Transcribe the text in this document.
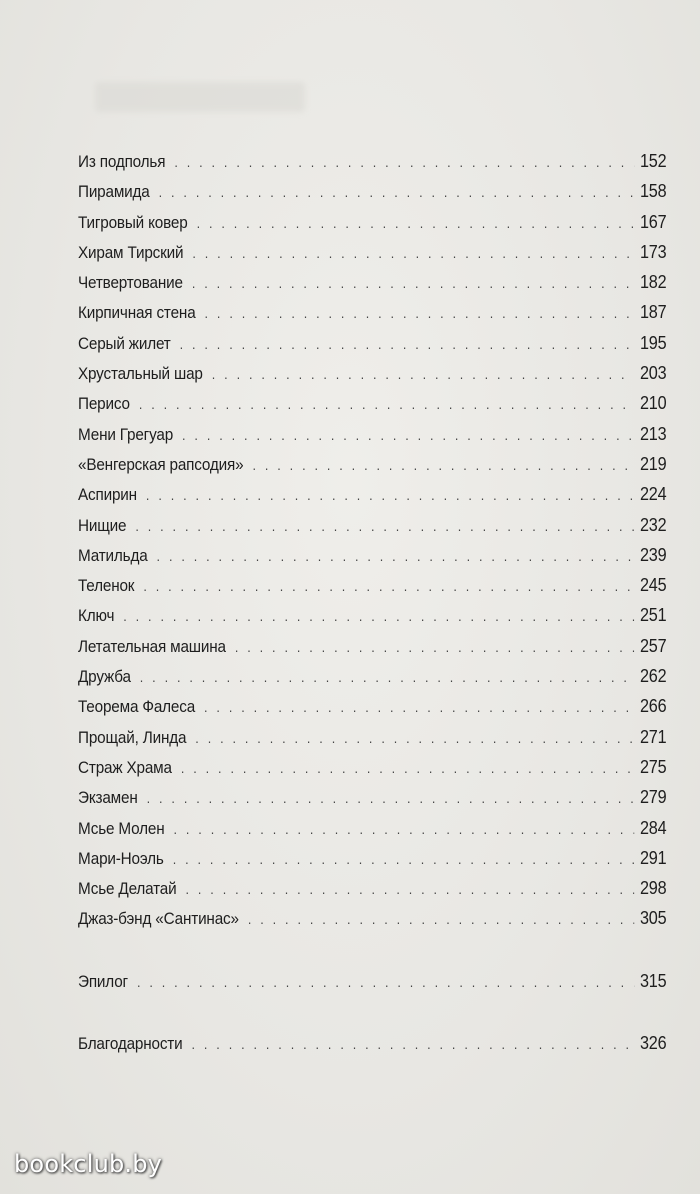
Из подполья . . .	152
Пирамида . . .	158
Тигровый ковер . . .	167
Хирам Тирский . . .	173
Четвертование . . .	182
Кирпичная стена . . .	187
Серый жилет . . .	195
Хрустальный шар . . .	203
Перисо . . .	210
Мени Грегуар . . .	213
«Венгерская рапсодия» . . .	219
Аспирин . . .	224
Нищие . . .	232
Матильда . . .	239
Теленок . . .	245
Ключ . . .	251
Летательная машина . . .	257
Дружба . . .	262
Теорема Фалеса . . .	266
Прощай, Линда . . .	271
Страж Храма . . .	275
Экзамен . . .	279
Мсье Молен . . .	284
Мари-Ноэль . . .	291
Мсье Делатай . . .	298
Джаз-бэнд «Сантинас» . . .	305
Эпилог . . .	315
Благодарности . . .	326
bookclub.by
